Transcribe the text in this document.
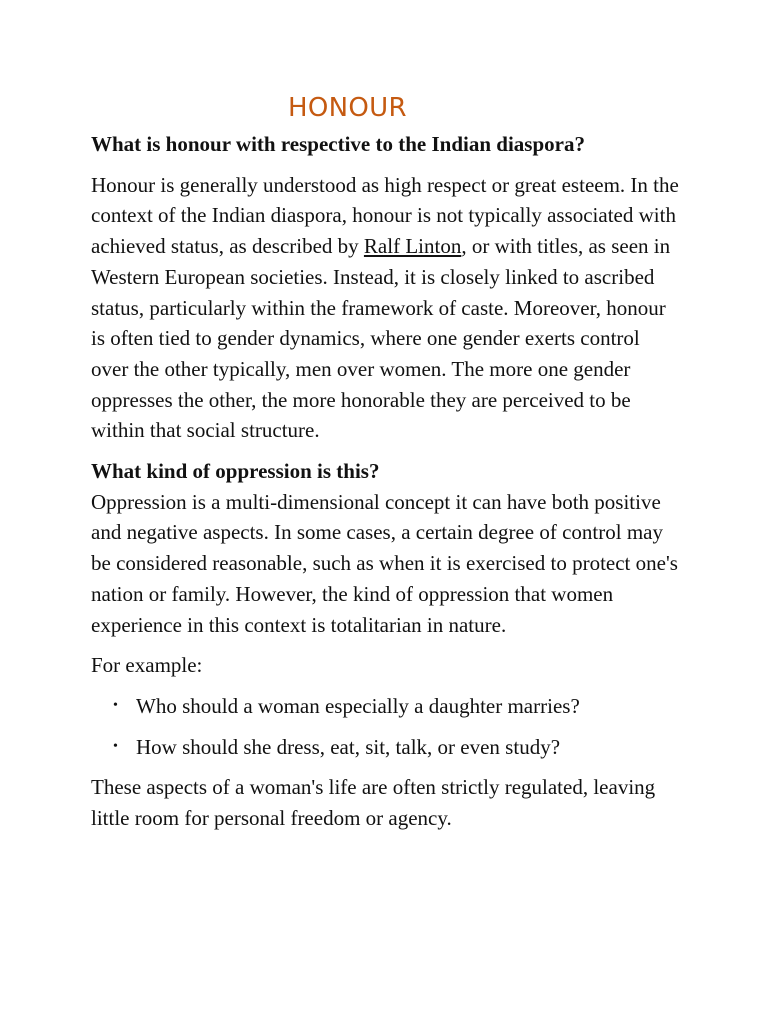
HONOUR

What is honour with respective to the Indian diaspora?

Honour is generally understood as high respect or great esteem. In the context of the Indian diaspora, honour is not typically associated with achieved status, as described by Ralf Linton, or with titles, as seen in Western European societies. Instead, it is closely linked to ascribed status, particularly within the framework of caste. Moreover, honour is often tied to gender dynamics, where one gender exerts control over the other typically, men over women. The more one gender oppresses the other, the more honorable they are perceived to be within that social structure.

What kind of oppression is this?

Oppression is a multi-dimensional concept it can have both positive and negative aspects. In some cases, a certain degree of control may be considered reasonable, such as when it is exercised to protect one's nation or family. However, the kind of oppression that women experience in this context is totalitarian in nature.

For example:

• Who should a woman especially a daughter marries?
• How should she dress, eat, sit, talk, or even study?

These aspects of a woman's life are often strictly regulated, leaving little room for personal freedom or agency.
